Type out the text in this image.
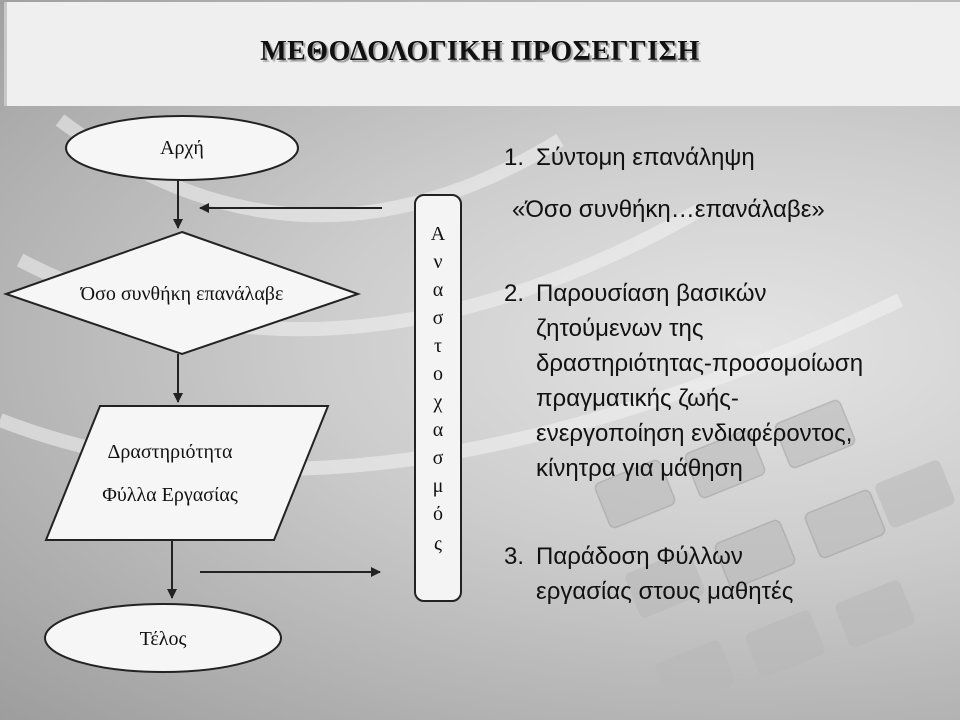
ΜΕΘΟΔΟΛΟΓΙΚΗ ΠΡΟΣΕΓΓΙΣΗ
Αρχή
Όσο συνθήκη επανάλαβε
Δραστηριότητα
Φύλλα Εργασίας
Τέλος
Α
ν
α
σ
τ
ο
χ
α
σ
μ
ό
ς
1. Σύντομη επανάληψη
«Όσο συνθήκη…επανάλαβε»
2. Παρουσίαση βασικών
ζητούμενων της
δραστηριότητας-προσομοίωση
πραγματικής ζωής-
ενεργοποίηση ενδιαφέροντος,
κίνητρα για μάθηση
3. Παράδοση Φύλλων
εργασίας στους μαθητές
